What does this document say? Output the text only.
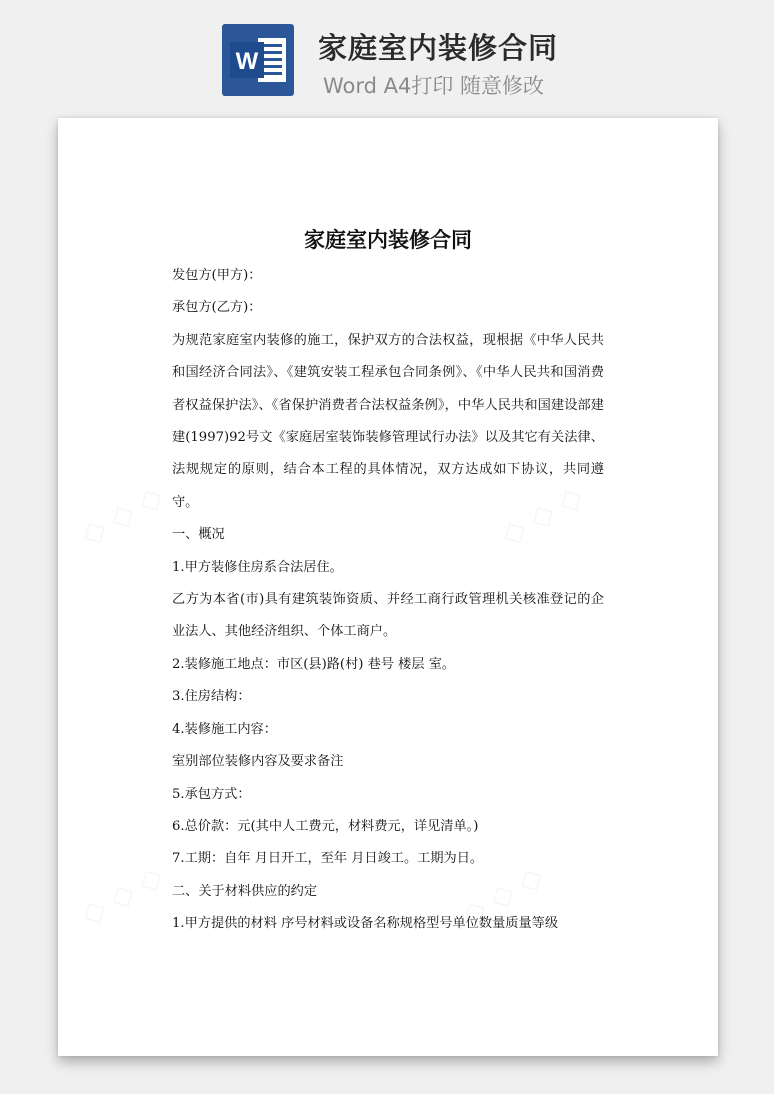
W 家庭室内装修合同
Word A4打印 随意修改
家庭室内装修合同

发包方(甲方)：

承包方(乙方)：

为规范家庭室内装修的施工，保护双方的合法权益，现根据《中华人民共和国经济合同法》、《建筑安装工程承包合同条例》、《中华人民共和国消费者权益保护法》、《省保护消费者合法权益条例》，中华人民共和国建设部建建(1997)92号文《家庭居室装饰装修管理试行办法》以及其它有关法律、法规规定的原则，结合本工程的具体情况，双方达成如下协议，共同遵守。

一、概况

1.甲方装修住房系合法居住。

乙方为本省(市)具有建筑装饰资质、并经工商行政管理机关核准登记的企业法人、其他经济组织、个体工商户。

2.装修施工地点：市区(县)路(村) 巷号 楼层 室。

3.住房结构：

4.装修施工内容：

室别部位装修内容及要求备注

5.承包方式：

6.总价款：元(其中人工费元，材料费元，详见清单。)

7.工期：自年 月日开工，至年 月日竣工。工期为日。

二、关于材料供应的约定

1.甲方提供的材料 序号材料或设备名称规格型号单位数量质量等级
